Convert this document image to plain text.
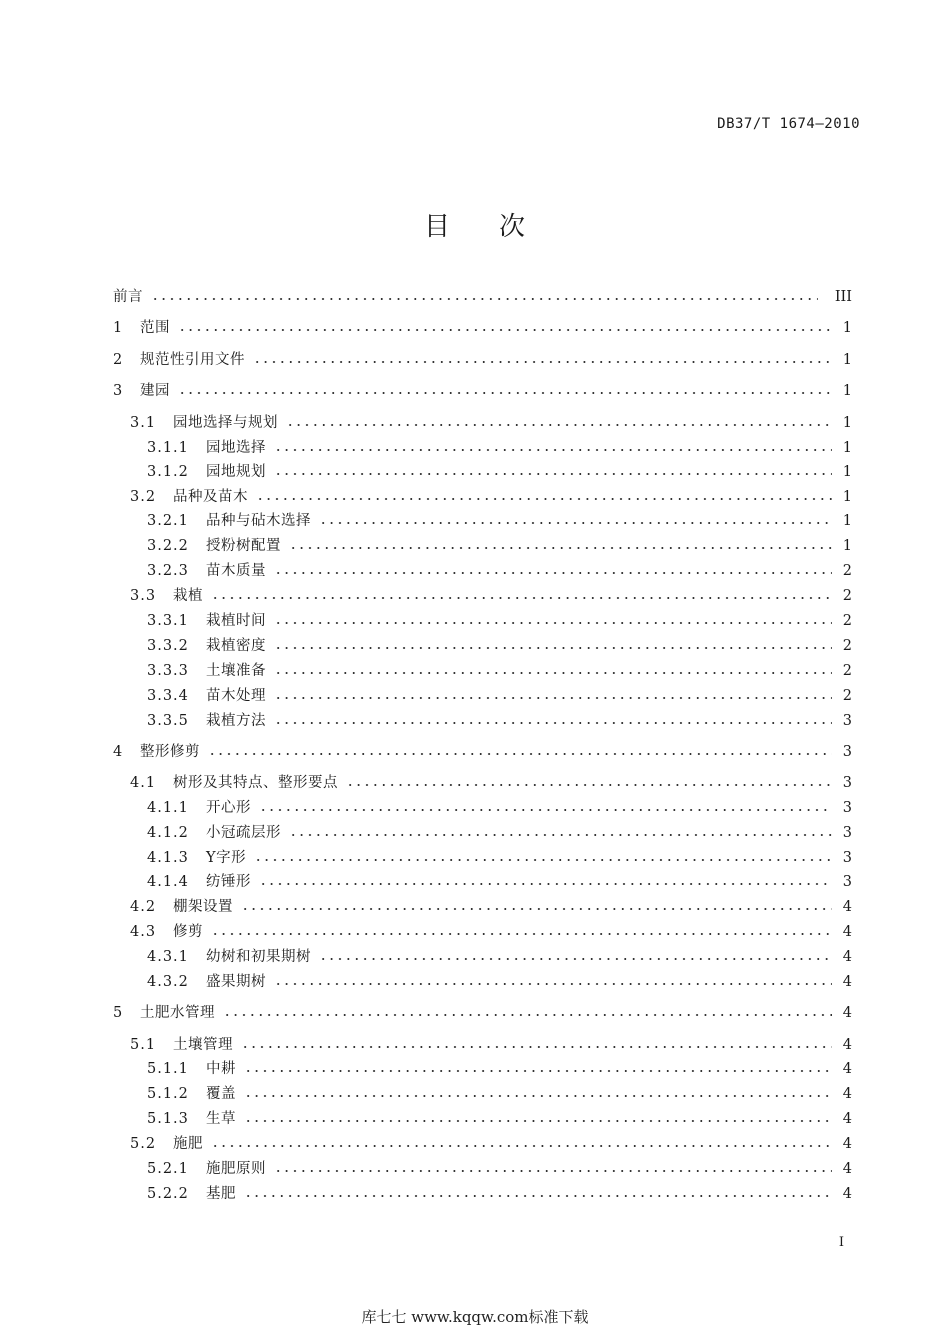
DB37/T 1674—2010
目 次
前言	III
1 范围	1
2 规范性引用文件	1
3 建园	1
3.1 园地选择与规划	1
3.1.1 园地选择	1
3.1.2 园地规划	1
3.2 品种及苗木	1
3.2.1 品种与砧木选择	1
3.2.2 授粉树配置	1
3.2.3 苗木质量	2
3.3 栽植	2
3.3.1 栽植时间	2
3.3.2 栽植密度	2
3.3.3 土壤准备	2
3.3.4 苗木处理	2
3.3.5 栽植方法	3
4 整形修剪	3
4.1 树形及其特点、整形要点	3
4.1.1 开心形	3
4.1.2 小冠疏层形	3
4.1.3 Y字形	3
4.1.4 纺锤形	3
4.2 棚架设置	4
4.3 修剪	4
4.3.1 幼树和初果期树	4
4.3.2 盛果期树	4
5 土肥水管理	4
5.1 土壤管理	4
5.1.1 中耕	4
5.1.2 覆盖	4
5.1.3 生草	4
5.2 施肥	4
5.2.1 施肥原则	4
5.2.2 基肥	4
I
库七七 www.kqqw.com标准下载
